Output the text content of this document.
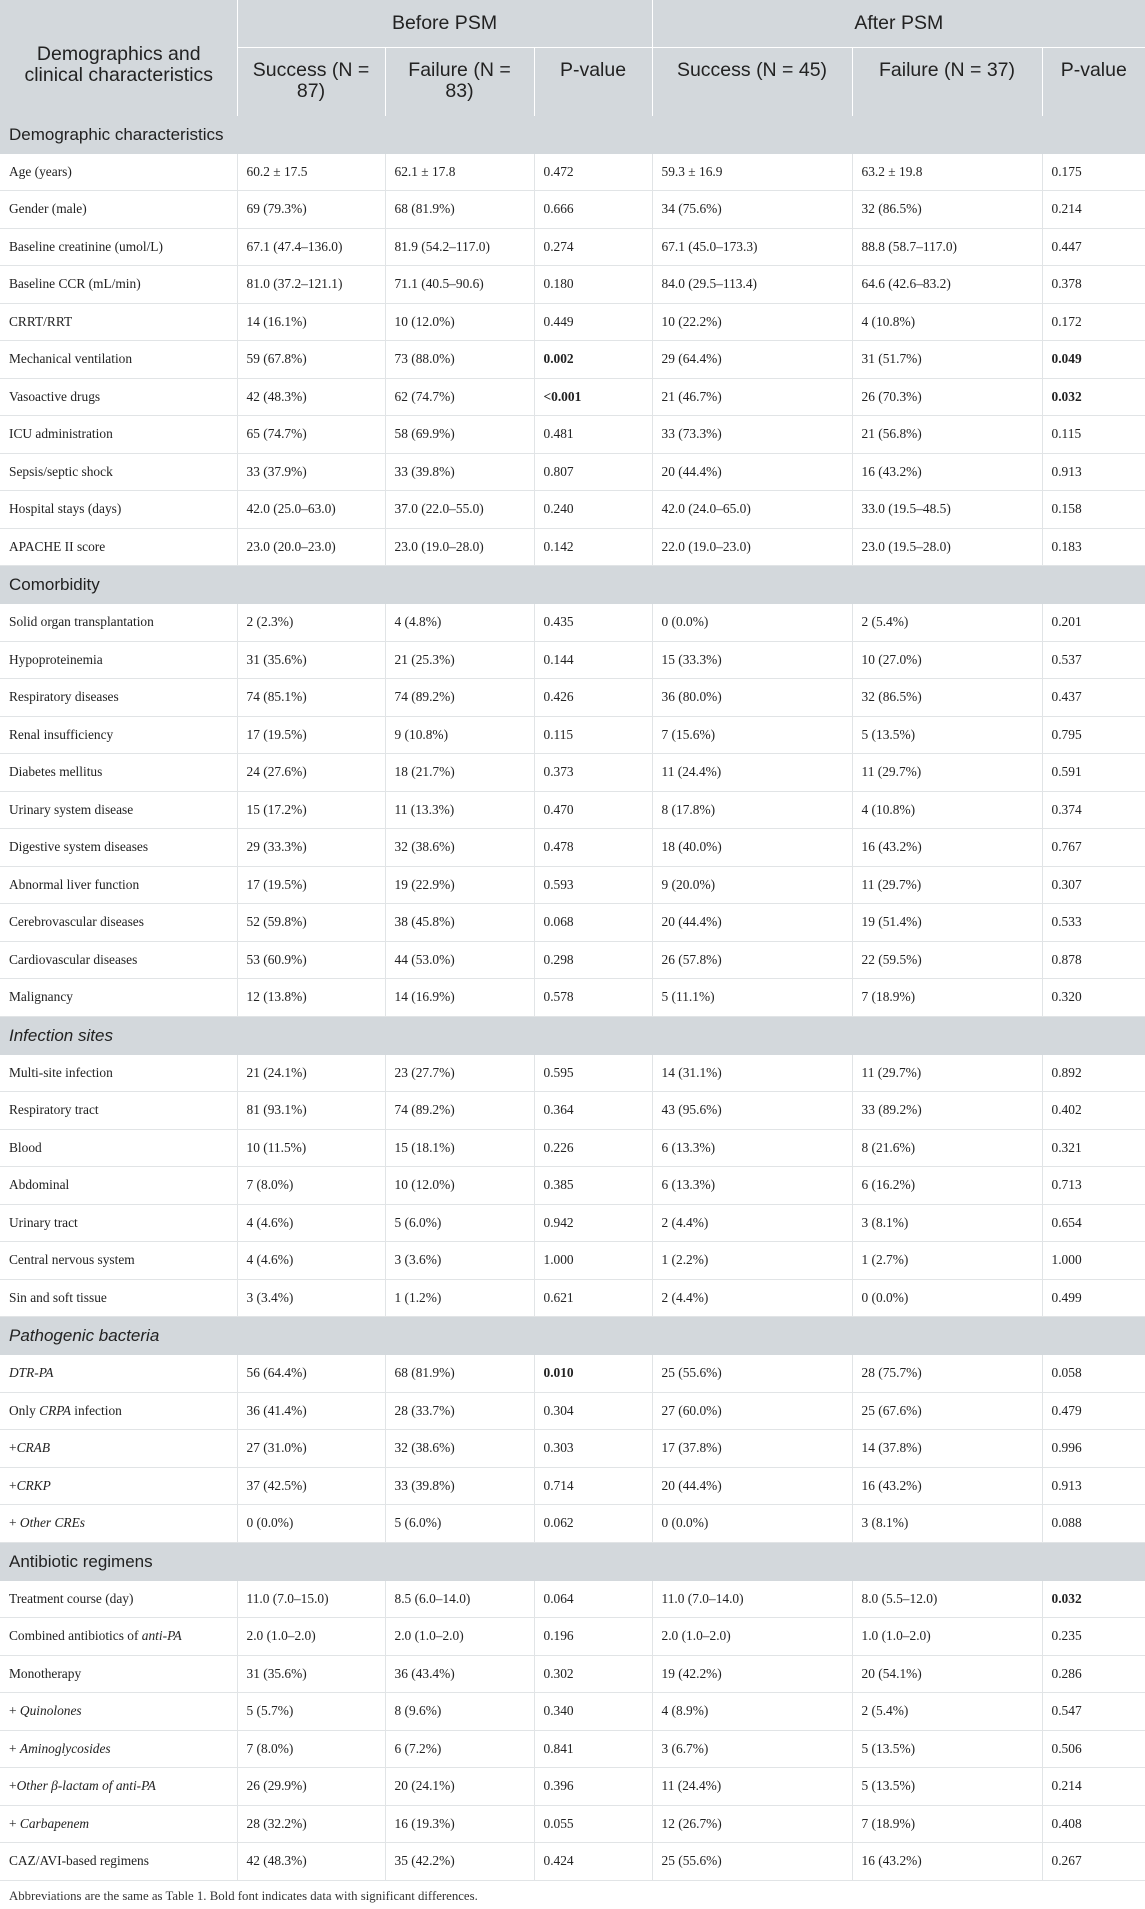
Demographics and clinical characteristics	Before PSM			After PSM		
	Success (N = 87)	Failure (N = 83)	P-value	Success (N = 45)	Failure (N = 37)	P-value
Demographic characteristics						
Age (years)	60.2 ± 17.5	62.1 ± 17.8	0.472	59.3 ± 16.9	63.2 ± 19.8	0.175
Gender (male)	69 (79.3%)	68 (81.9%)	0.666	34 (75.6%)	32 (86.5%)	0.214
Baseline creatinine (umol/L)	67.1 (47.4–136.0)	81.9 (54.2–117.0)	0.274	67.1 (45.0–173.3)	88.8 (58.7–117.0)	0.447
Baseline CCR (mL/min)	81.0 (37.2–121.1)	71.1 (40.5–90.6)	0.180	84.0 (29.5–113.4)	64.6 (42.6–83.2)	0.378
CRRT/RRT	14 (16.1%)	10 (12.0%)	0.449	10 (22.2%)	4 (10.8%)	0.172
Mechanical ventilation	59 (67.8%)	73 (88.0%)	0.002	29 (64.4%)	31 (51.7%)	0.049
Vasoactive drugs	42 (48.3%)	62 (74.7%)	<0.001	21 (46.7%)	26 (70.3%)	0.032
ICU administration	65 (74.7%)	58 (69.9%)	0.481	33 (73.3%)	21 (56.8%)	0.115
Sepsis/septic shock	33 (37.9%)	33 (39.8%)	0.807	20 (44.4%)	16 (43.2%)	0.913
Hospital stays (days)	42.0 (25.0–63.0)	37.0 (22.0–55.0)	0.240	42.0 (24.0–65.0)	33.0 (19.5–48.5)	0.158
APACHE II score	23.0 (20.0–23.0)	23.0 (19.0–28.0)	0.142	22.0 (19.0–23.0)	23.0 (19.5–28.0)	0.183
Comorbidity						
Solid organ transplantation	2 (2.3%)	4 (4.8%)	0.435	0 (0.0%)	2 (5.4%)	0.201
Hypoproteinemia	31 (35.6%)	21 (25.3%)	0.144	15 (33.3%)	10 (27.0%)	0.537
Respiratory diseases	74 (85.1%)	74 (89.2%)	0.426	36 (80.0%)	32 (86.5%)	0.437
Renal insufficiency	17 (19.5%)	9 (10.8%)	0.115	7 (15.6%)	5 (13.5%)	0.795
Diabetes mellitus	24 (27.6%)	18 (21.7%)	0.373	11 (24.4%)	11 (29.7%)	0.591
Urinary system disease	15 (17.2%)	11 (13.3%)	0.470	8 (17.8%)	4 (10.8%)	0.374
Digestive system diseases	29 (33.3%)	32 (38.6%)	0.478	18 (40.0%)	16 (43.2%)	0.767
Abnormal liver function	17 (19.5%)	19 (22.9%)	0.593	9 (20.0%)	11 (29.7%)	0.307
Cerebrovascular diseases	52 (59.8%)	38 (45.8%)	0.068	20 (44.4%)	19 (51.4%)	0.533
Cardiovascular diseases	53 (60.9%)	44 (53.0%)	0.298	26 (57.8%)	22 (59.5%)	0.878
Malignancy	12 (13.8%)	14 (16.9%)	0.578	5 (11.1%)	7 (18.9%)	0.320
Infection sites						
Multi-site infection	21 (24.1%)	23 (27.7%)	0.595	14 (31.1%)	11 (29.7%)	0.892
Respiratory tract	81 (93.1%)	74 (89.2%)	0.364	43 (95.6%)	33 (89.2%)	0.402
Blood	10 (11.5%)	15 (18.1%)	0.226	6 (13.3%)	8 (21.6%)	0.321
Abdominal	7 (8.0%)	10 (12.0%)	0.385	6 (13.3%)	6 (16.2%)	0.713
Urinary tract	4 (4.6%)	5 (6.0%)	0.942	2 (4.4%)	3 (8.1%)	0.654
Central nervous system	4 (4.6%)	3 (3.6%)	1.000	1 (2.2%)	1 (2.7%)	1.000
Sin and soft tissue	3 (3.4%)	1 (1.2%)	0.621	2 (4.4%)	0 (0.0%)	0.499
Pathogenic bacteria						
DTR-PA	56 (64.4%)	68 (81.9%)	0.010	25 (55.6%)	28 (75.7%)	0.058
Only CRPA infection	36 (41.4%)	28 (33.7%)	0.304	27 (60.0%)	25 (67.6%)	0.479
+CRAB	27 (31.0%)	32 (38.6%)	0.303	17 (37.8%)	14 (37.8%)	0.996
+CRKP	37 (42.5%)	33 (39.8%)	0.714	20 (44.4%)	16 (43.2%)	0.913
+ Other CREs	0 (0.0%)	5 (6.0%)	0.062	0 (0.0%)	3 (8.1%)	0.088
Antibiotic regimens						
Treatment course (day)	11.0 (7.0–15.0)	8.5 (6.0–14.0)	0.064	11.0 (7.0–14.0)	8.0 (5.5–12.0)	0.032
Combined antibiotics of anti-PA	2.0 (1.0–2.0)	2.0 (1.0–2.0)	0.196	2.0 (1.0–2.0)	1.0 (1.0–2.0)	0.235
Monotherapy	31 (35.6%)	36 (43.4%)	0.302	19 (42.2%)	20 (54.1%)	0.286
+ Quinolones	5 (5.7%)	8 (9.6%)	0.340	4 (8.9%)	2 (5.4%)	0.547
+ Aminoglycosides	7 (8.0%)	6 (7.2%)	0.841	3 (6.7%)	5 (13.5%)	0.506
+Other β-lactam of anti-PA	26 (29.9%)	20 (24.1%)	0.396	11 (24.4%)	5 (13.5%)	0.214
+ Carbapenem	28 (32.2%)	16 (19.3%)	0.055	12 (26.7%)	7 (18.9%)	0.408
CAZ/AVI-based regimens	42 (48.3%)	35 (42.2%)	0.424	25 (55.6%)	16 (43.2%)	0.267
Abbreviations are the same as Table 1. Bold font indicates data with significant differences.
